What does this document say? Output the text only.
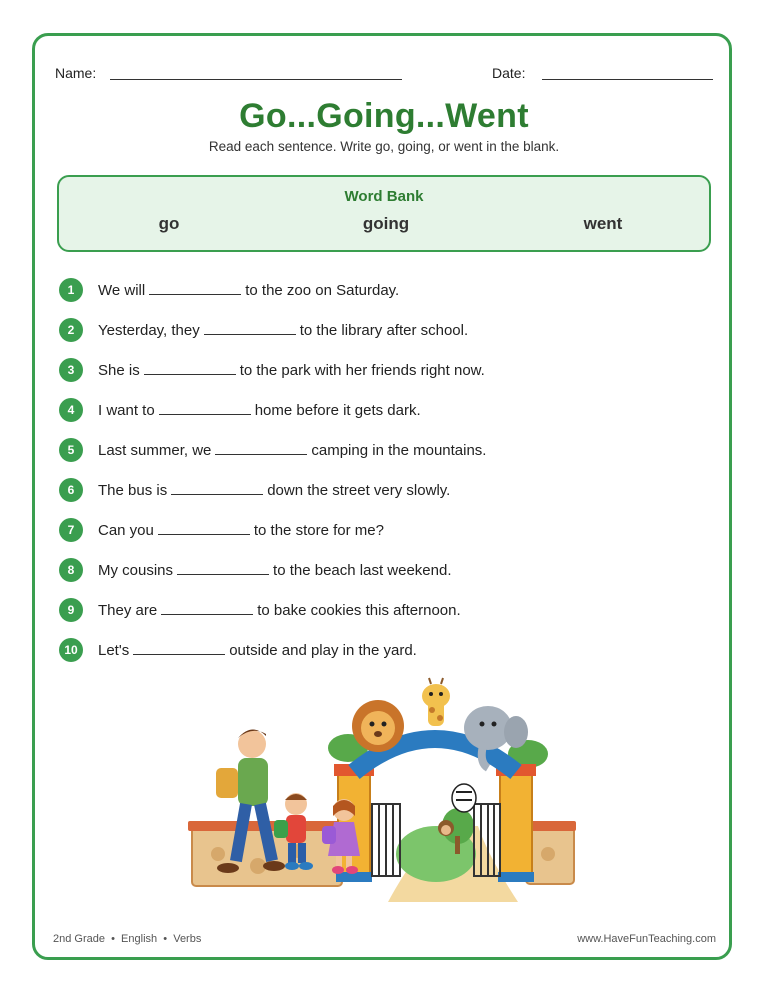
Name:	Date:
Go...Going...Went
Read each sentence. Write go, going, or went in the blank.
Word Bank
go	going	went
1	We will	to the zoo on Saturday.
2	Yesterday, they	to the library after school.
3	She is	to the park with her friends right now.
4	I want to	home before it gets dark.
5	Last summer, we	camping in the mountains.
6	The bus is	down the street very slowly.
7	Can you	to the store for me?
8	My cousins	to the beach last weekend.
9	They are	to bake cookies this afternoon.
10	Let's	outside and play in the yard.
2nd Grade  •  English  •  Verbs	www.HaveFunTeaching.com
